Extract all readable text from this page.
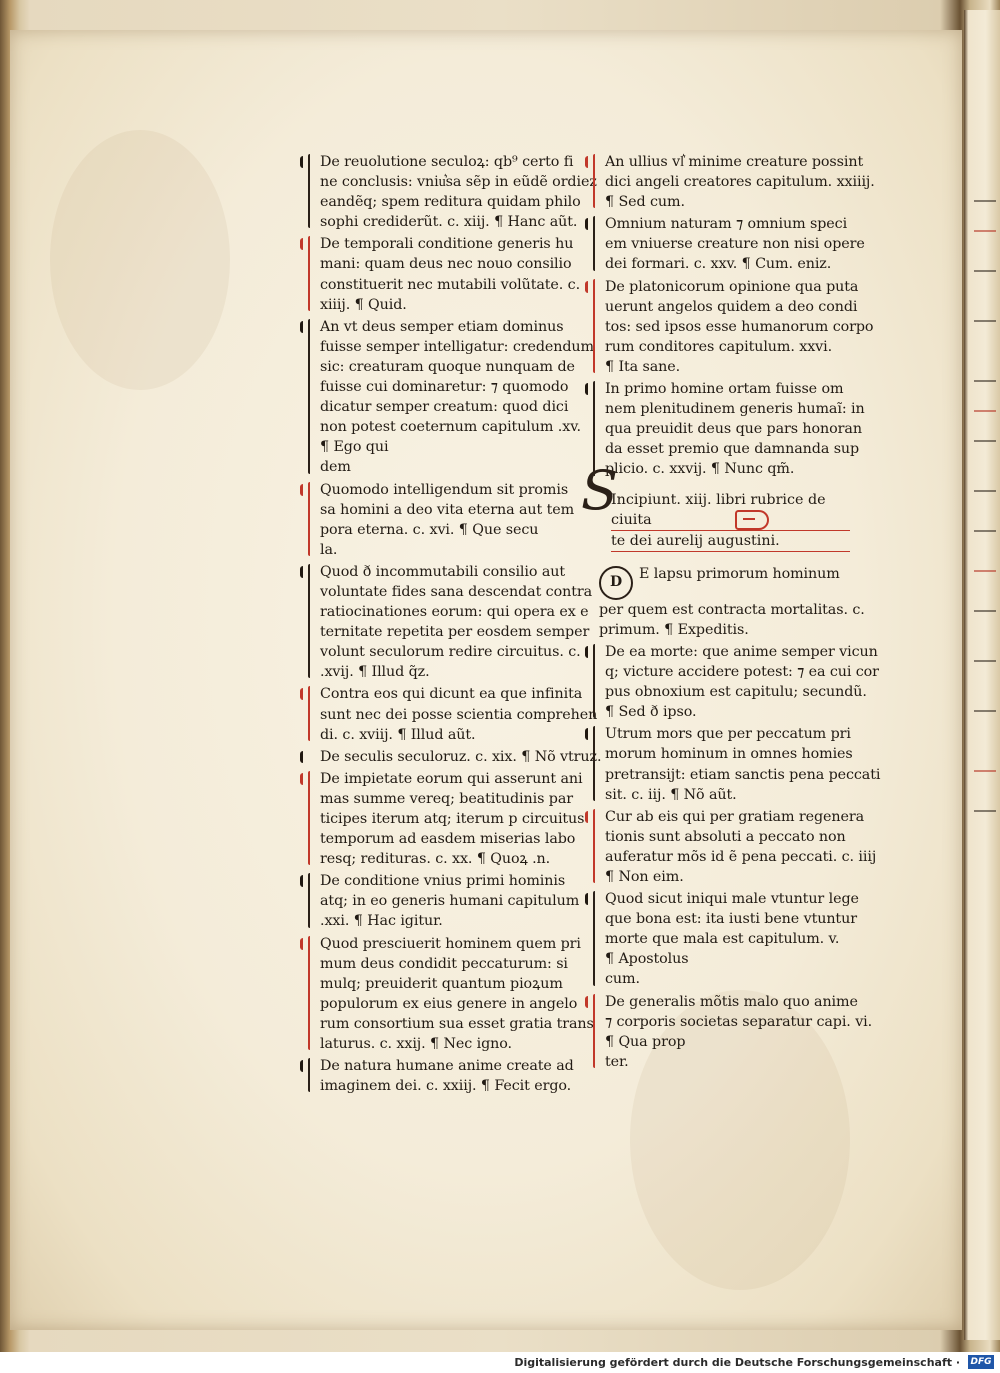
De reuolutione seculoꝝ: qb⁹ certo fi
ne conclusis: vniu͛sa sẽp in eũdẽ ordiez
eandẽq; spem reditura quidam philo
sophi crediderũt. c. xiij. ¶ Hanc aũt.
De temporali conditione generis hu
mani: quam deus nec nouo consilio
constituerit nec mutabili volũtate. c.
xiiij. ¶ Quid.
An vt deus semper etiam dominus
fuisse semper intelligatur: credendum
sic: creaturam quoque nunquam de
fuisse cui dominaretur: ⁊ quomodo
dicatur semper creatum: quod dici
non potest coeternum capitulum .xv.
¶ Ego qui
dem
Quomodo intelligendum sit promis
sa homini a deo vita eterna aut tem
pora eterna. c. xvi. ¶ Que secu
la.
Quod ð incommutabili consilio aut
voluntate fides sana descendat contra
ratiocinationes eorum: qui opera ex e
ternitate repetita per eosdem semper
volunt seculorum redire circuitus. c.
.xvij. ¶ Illud q̃z.
Contra eos qui dicunt ea que infinita
sunt nec dei posse scientia comprehen
di. c. xviij. ¶ Illud aũt.
De seculis seculoruz. c. xix. ¶ Nõ vtruz.
De impietate eorum qui asserunt ani
mas summe vereq; beatitudinis par
ticipes iterum atq; iterum p circuitus
temporum ad easdem miserias labo
resq; redituras. c. xx. ¶ Quoꝝ .n.
De conditione vnius primi hominis
atq; in eo generis humani capitulum
.xxi. ¶ Hac igitur.
Quod presciuerit hominem quem pri
mum deus condidit peccaturum: si
mulq; preuiderit quantum pioꝝum
populorum ex eius genere in angelo
rum consortium sua esset gratia trans
laturus. c. xxij. ¶ Nec igno.
De natura humane anime create ad
imaginem dei. c. xxiij. ¶ Fecit ergo.
An ullius vl͛ minime creature possint
dici angeli creatores capitulum. xxiiij.
¶ Sed cum.
Omnium naturam ⁊ omnium speci
em vniuerse creature non nisi opere
dei formari. c. xxv. ¶ Cum. eniz.
De platonicorum opinione qua puta
uerunt angelos quidem a deo condi
tos: sed ipsos esse humanorum corpo
rum conditores capitulum. xxvi.
¶ Ita sane.
In primo homine ortam fuisse om
nem plenitudinem generis humaĩ: in
qua preuidit deus que pars honoran
da esset premio que damnanda sup
plicio. c. xxvij. ¶ Nunc qm̃.
S
Incipiunt. xiij. libri rubrice de ciuita
te dei aurelij augustini.
D E lapsu primorum hominum
per quem est contracta mortalitas. c.
primum. ¶ Expeditis.
De ea morte: que anime semper vicun
q; victure accidere potest: ⁊ ea cui cor
pus obnoxium est capitulu; secundũ.
¶ Sed ð ipso.
Utrum mors que per peccatum pri
morum hominum in omnes homies
pretransijt: etiam sanctis pena peccati
sit. c. iij. ¶ Nõ aũt.
Cur ab eis qui per gratiam regenera
tionis sunt absoluti a peccato non
auferatur mõs id ẽ pena peccati. c. iiij
¶ Non eim.
Quod sicut iniqui male vtuntur lege
que bona est: ita iusti bene vtuntur
morte que mala est capitulum. v.
¶ Apostolus
cum.
De generalis mõtis malo quo anime
⁊ corporis societas separatur capi. vi.
¶ Qua prop
ter.
Digitalisierung gefördert durch die Deutsche Forschungsgemeinschaft · DFG
